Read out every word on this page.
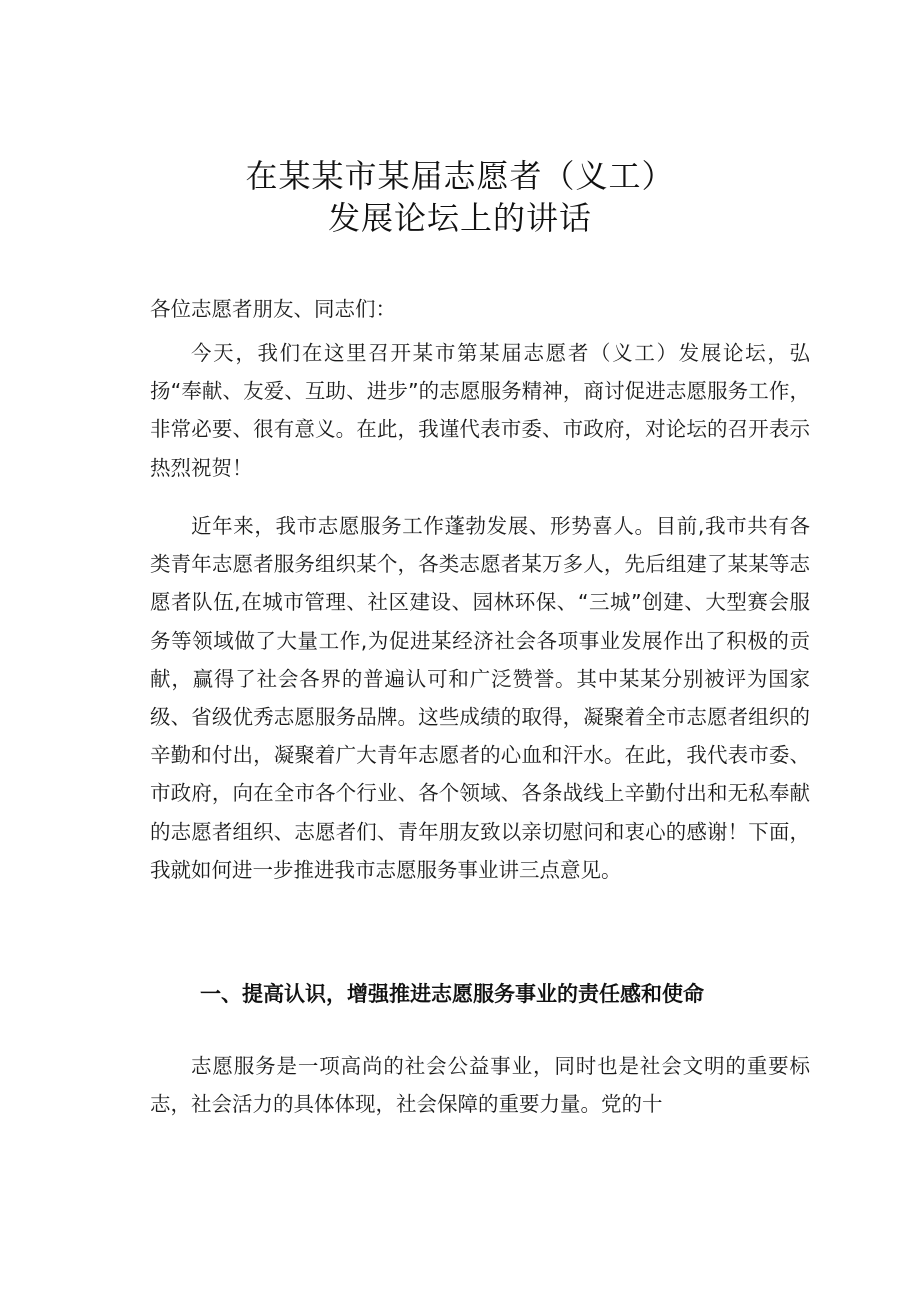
在某某市某届志愿者（义工）
发展论坛上的讲话
各位志愿者朋友、同志们：

今天，我们在这里召开某市第某届志愿者（义工）发展论坛，弘扬“奉献、友爱、互助、进步”的志愿服务精神，商讨促进志愿服务工作，非常必要、很有意义。在此，我谨代表市委、市政府，对论坛的召开表示热烈祝贺！

近年来，我市志愿服务工作蓬勃发展、形势喜人。目前,我市共有各类青年志愿者服务组织某个，各类志愿者某万多人，先后组建了某某等志愿者队伍,在城市管理、社区建设、园林环保、“三城”创建、大型赛会服务等领域做了大量工作,为促进某经济社会各项事业发展作出了积极的贡献，赢得了社会各界的普遍认可和广泛赞誉。其中某某分别被评为国家级、省级优秀志愿服务品牌。这些成绩的取得，凝聚着全市志愿者组织的辛勤和付出，凝聚着广大青年志愿者的心血和汗水。在此，我代表市委、市政府，向在全市各个行业、各个领域、各条战线上辛勤付出和无私奉献的志愿者组织、志愿者们、青年朋友致以亲切慰问和衷心的感谢！下面，我就如何进一步推进我市志愿服务事业讲三点意见。

一、提高认识，增强推进志愿服务事业的责任感和使命

志愿服务是一项高尚的社会公益事业，同时也是社会文明的重要标志，社会活力的具体体现，社会保障的重要力量。党的十
